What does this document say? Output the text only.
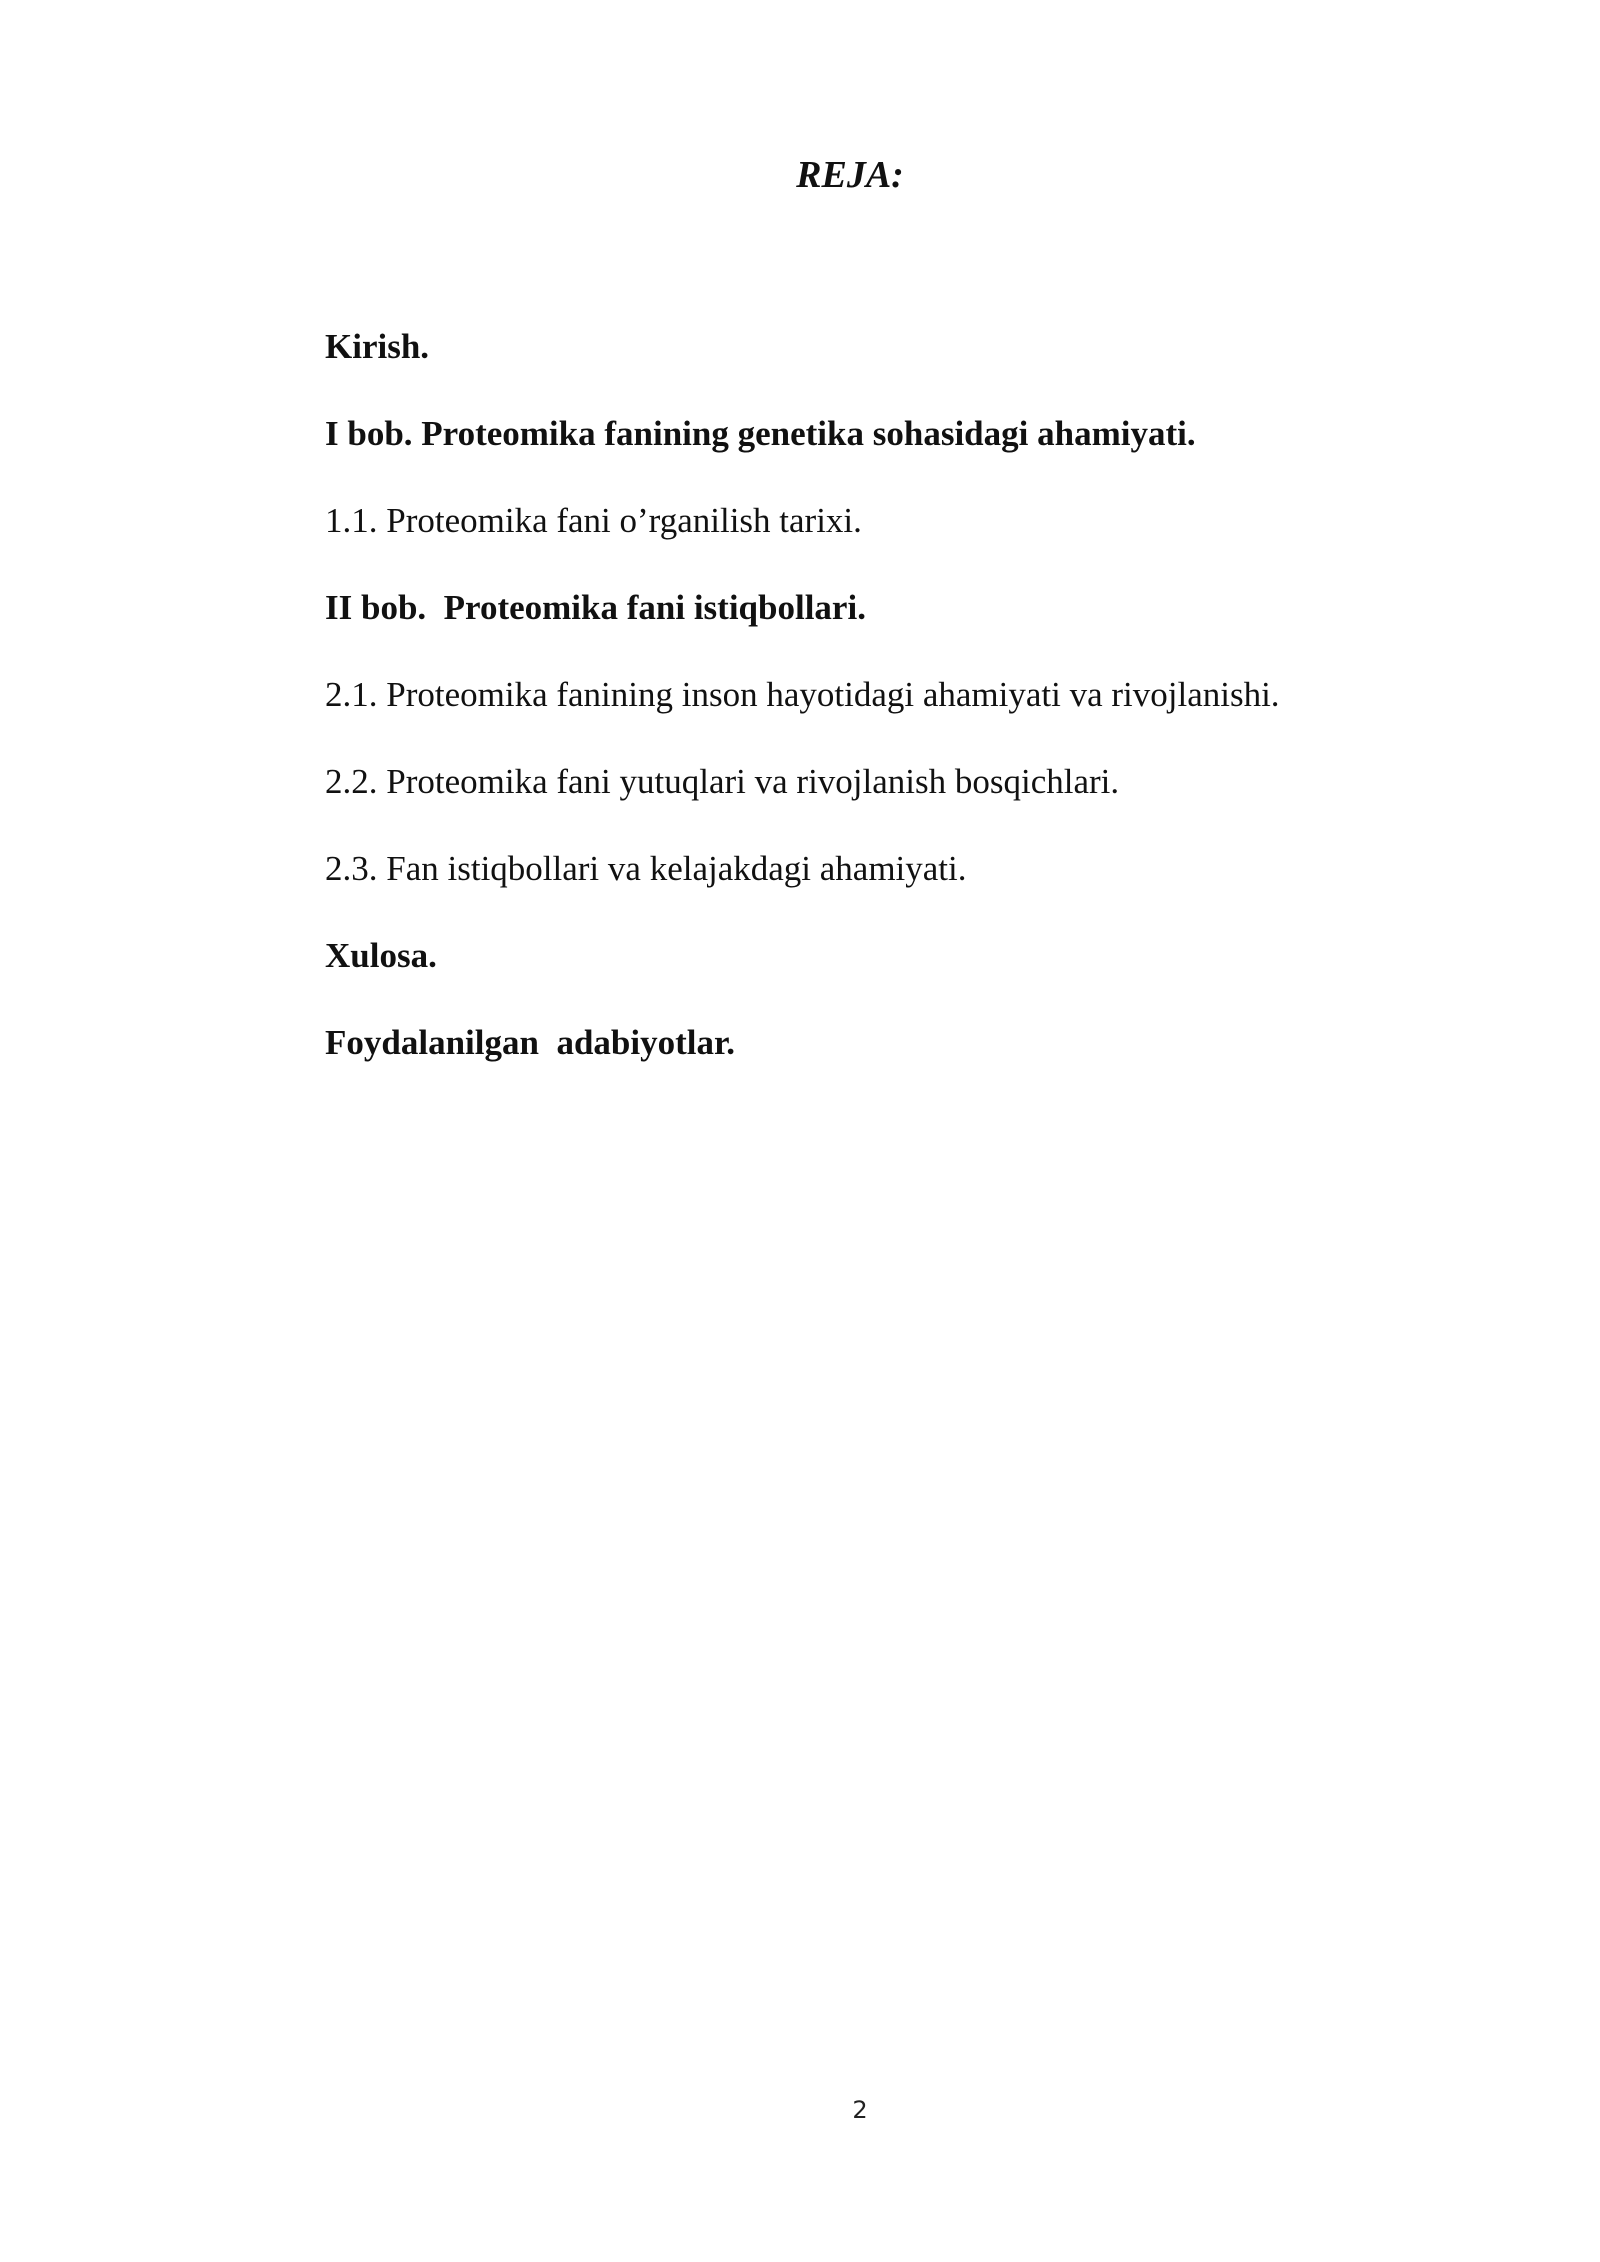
REJA:
Kirish.
I bob. Proteomika fanining genetika sohasidagi ahamiyati.
1.1. Proteomika fani o’rganilish tarixi.
II bob.  Proteomika fani istiqbollari.
2.1. Proteomika fanining inson hayotidagi ahamiyati va rivojlanishi.
2.2. Proteomika fani yutuqlari va rivojlanish bosqichlari.
2.3. Fan istiqbollari va kelajakdagi ahamiyati.
Xulosa.
Foydalanilgan  adabiyotlar.
2
